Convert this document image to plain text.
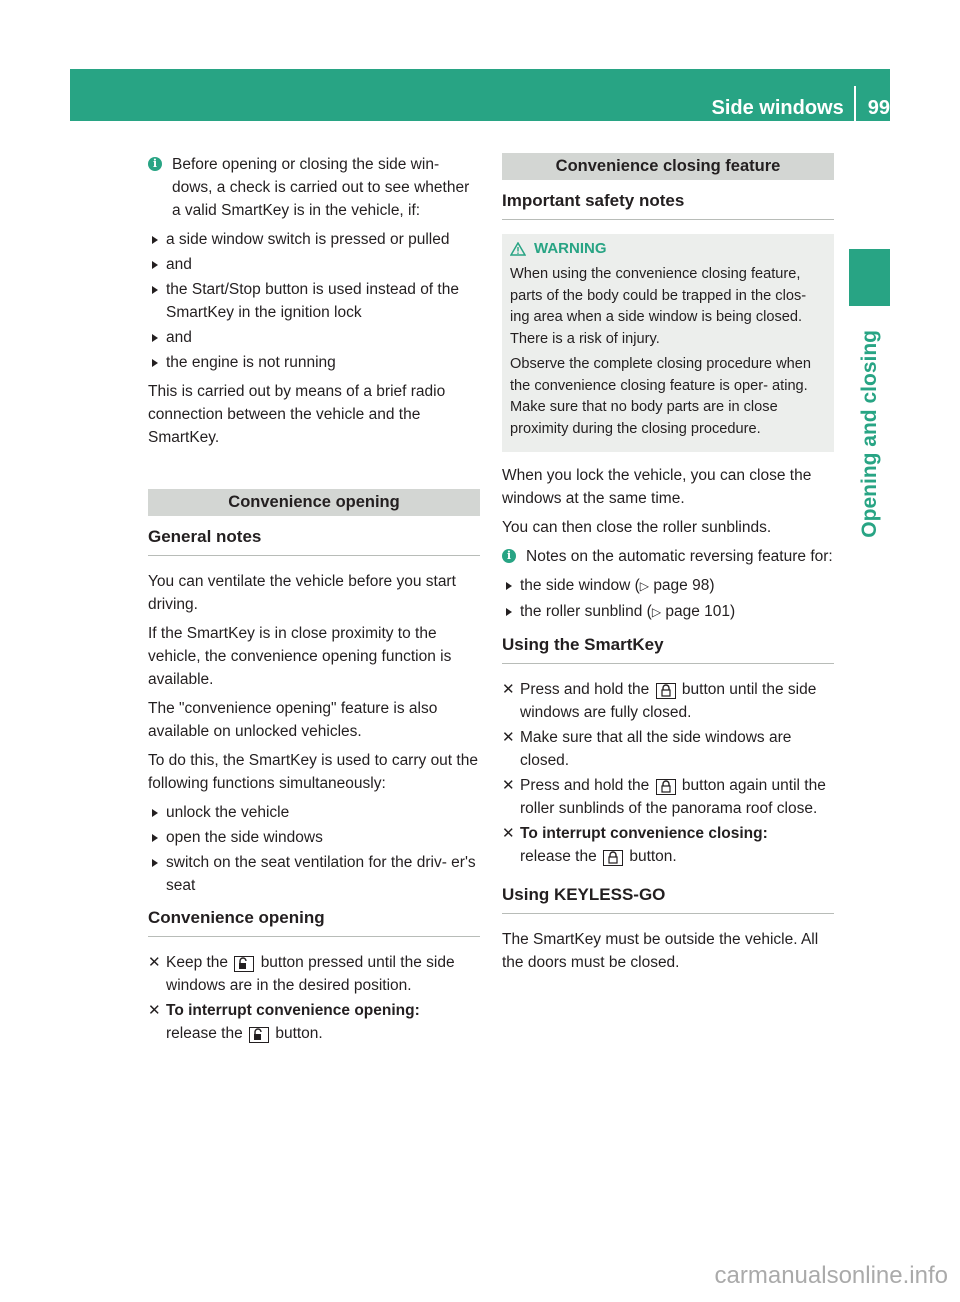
Side windows 99
Opening and closing
i Before opening or closing the side win- dows, a check is carried out to see whether a valid SmartKey is in the vehicle, if:

a side window switch is pressed or pulled
and
the Start/Stop button is used instead of the SmartKey in the ignition lock
and
the engine is not running

This is carried out by means of a brief radio connection between the vehicle and the SmartKey.

Convenience opening
General notes

You can ventilate the vehicle before you start driving.

If the SmartKey is in close proximity to the vehicle, the convenience opening function is available.

The "convenience opening" feature is also available on unlocked vehicles.

To do this, the SmartKey is used to carry out the following functions simultaneously:

unlock the vehicle
open the side windows
switch on the seat ventilation for the driv- er's seat
Convenience opening
✕ Keep the button pressed until the side windows are in the desired position.
✕ To interrupt convenience opening:
release the button.
Convenience closing feature
Important safety notes
WARNING

When using the convenience closing feature, parts of the body could be trapped in the clos- ing area when a side window is being closed. There is a risk of injury.

Observe the complete closing procedure when the convenience closing feature is oper- ating. Make sure that no body parts are in close proximity during the closing procedure.

When you lock the vehicle, you can close the windows at the same time.

You can then close the roller sunblinds.

i Notes on the automatic reversing feature for:

the side window (▷ page 98)
the roller sunblind (▷ page 101)
Using the SmartKey
✕ Press and hold the button until the side windows are fully closed.
✕ Make sure that all the side windows are closed.
✕ Press and hold the button again until the roller sunblinds of the panorama roof close.
✕ To interrupt convenience closing:
release the button.
Using KEYLESS-GO

The SmartKey must be outside the vehicle. All the doors must be closed.

carmanualsonline.info
